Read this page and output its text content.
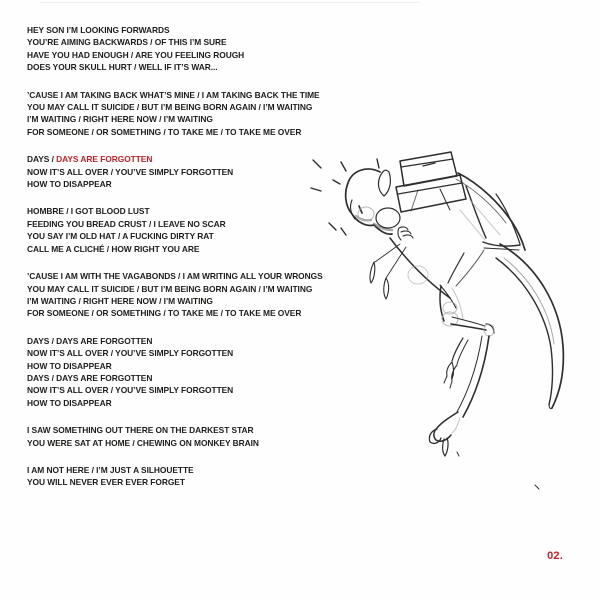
HEY SON I’M LOOKING FORWARDS
YOU’RE AIMING BACKWARDS / OF THIS I’M SURE
HAVE YOU HAD ENOUGH / ARE YOU FEELING ROUGH
DOES YOUR SKULL HURT / WELL IF IT’S WAR...
’CAUSE I AM TAKING BACK WHAT’S MINE / I AM TAKING BACK THE TIME
YOU MAY CALL IT SUICIDE / BUT I’M BEING BORN AGAIN / I’M WAITING
I’M WAITING / RIGHT HERE NOW / I’M WAITING
FOR SOMEONE / OR SOMETHING / TO TAKE ME / TO TAKE ME OVER
DAYS / DAYS ARE FORGOTTEN
NOW IT’S ALL OVER / YOU’VE SIMPLY FORGOTTEN
HOW TO DISAPPEAR
HOMBRE / I GOT BLOOD LUST
FEEDING YOU BREAD CRUST / I LEAVE NO SCAR
YOU SAY I’M OLD HAT / A FUCKING DIRTY RAT
CALL ME A CLICHÉ / HOW RIGHT YOU ARE
’CAUSE I AM WITH THE VAGABONDS / I AM WRITING ALL YOUR WRONGS
YOU MAY CALL IT SUICIDE / BUT I’M BEING BORN AGAIN / I’M WAITING
I’M WAITING / RIGHT HERE NOW / I’M WAITING
FOR SOMEONE / OR SOMETHING / TO TAKE ME / TO TAKE ME OVER
DAYS / DAYS ARE FORGOTTEN
NOW IT’S ALL OVER / YOU’VE SIMPLY FORGOTTEN
HOW TO DISAPPEAR
DAYS / DAYS ARE FORGOTTEN
NOW IT’S ALL OVER / YOU’VE SIMPLY FORGOTTEN
HOW TO DISAPPEAR
I SAW SOMETHING OUT THERE ON THE DARKEST STAR
YOU WERE SAT AT HOME / CHEWING ON MONKEY BRAIN
I AM NOT HERE / I’M JUST A SILHOUETTE
YOU WILL NEVER EVER EVER FORGET
02.
